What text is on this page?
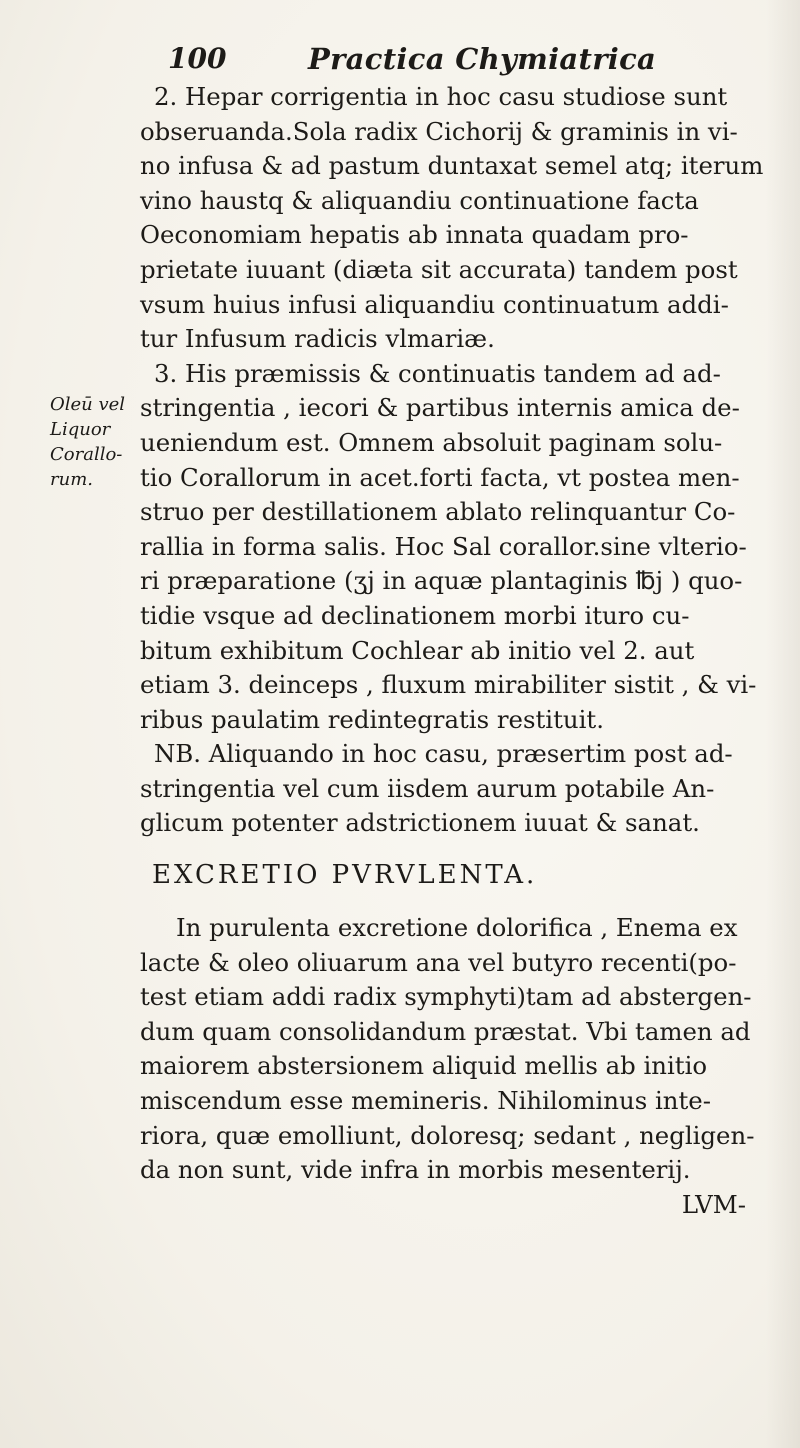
100	Practica Chymiatrica
Oleū vel
Liquor
Corallo-
rum.
2. Hepar corrigentia in hoc casu studiose sunt
obseruanda.Sola radix Cichorij & graminis in vi-
no infusa & ad pastum duntaxat semel atq; iterum
vino haustq & aliquandiu continuatione facta
Oeconomiam hepatis ab innata quadam pro-
prietate iuuant (diæta sit accurata) tandem post
vsum huius infusi aliquandiu continuatum addi-
tur Infusum radicis vlmariæ.
3. His præmissis & continuatis tandem ad ad-
stringentia , iecori & partibus internis amica de-
ueniendum est. Omnem absoluit paginam solu-
tio Corallorum in acet.forti facta, vt postea men-
struo per destillationem ablato relinquantur Co-
rallia in forma salis. Hoc Sal corallor.sine vlterio-
ri præparatione (ʒj in aquæ plantaginis ℔j ) quo-
tidie vsque ad declinationem morbi ituro cu-
bitum exhibitum Cochlear ab initio vel 2. aut
etiam 3. deinceps , fluxum mirabiliter sistit , & vi-
ribus paulatim redintegratis restituit.
NB. Aliquando in hoc casu, præsertim post ad-
stringentia vel cum iisdem aurum potabile An-
glicum potenter adstrictionem iuuat & sanat.
EXCRETIO PVRVLENTA.
In purulenta excretione dolorifica , Enema ex
lacte & oleo oliuarum ana vel butyro recenti(po-
test etiam addi radix symphyti)tam ad abstergen-
dum quam consolidandum præstat. Vbi tamen ad
maiorem abstersionem aliquid mellis ab initio
miscendum esse memineris. Nihilominus inte-
riora, quæ emolliunt, doloresq; sedant , negligen-
da non sunt, vide infra in morbis mesenterij.
LVM-
